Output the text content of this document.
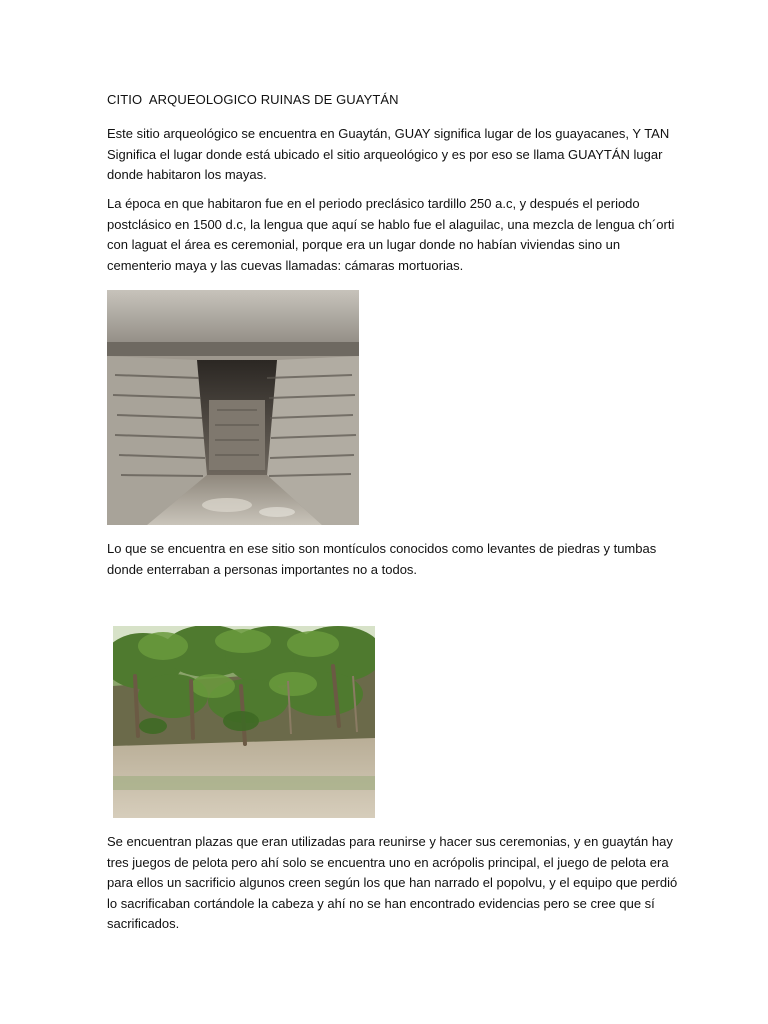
CITIO  ARQUEOLOGICO RUINAS DE GUAYTÁN

Este sitio arqueológico se encuentra en Guaytán, GUAY significa lugar de los guayacanes, Y TAN
Significa el lugar donde está ubicado el sitio arqueológico y es por eso se llama GUAYTÁN lugar
donde habitaron los mayas.

La época en que habitaron fue en el periodo preclásico tardillo 250 a.c, y después el periodo
postclásico en 1500 d.c, la lengua que aquí se hablo fue el alaguilac, una mezcla de lengua ch´orti
con laguat el área es ceremonial, porque era un lugar donde no habían viviendas sino un
cementerio maya y las cuevas llamadas: cámaras mortuorias.

Lo que se encuentra en ese sitio son montículos conocidos como levantes de piedras y tumbas
donde enterraban a personas importantes no a todos.

Se encuentran plazas que eran utilizadas para reunirse y hacer sus ceremonias, y en guaytán hay
tres juegos de pelota pero ahí solo se encuentra uno en acrópolis principal, el juego de pelota era
para ellos un sacrificio algunos creen según los que han narrado el popolvu, y el equipo que perdió
lo sacrificaban cortándole la cabeza y ahí no se han encontrado evidencias pero se cree que sí
sacrificados.
